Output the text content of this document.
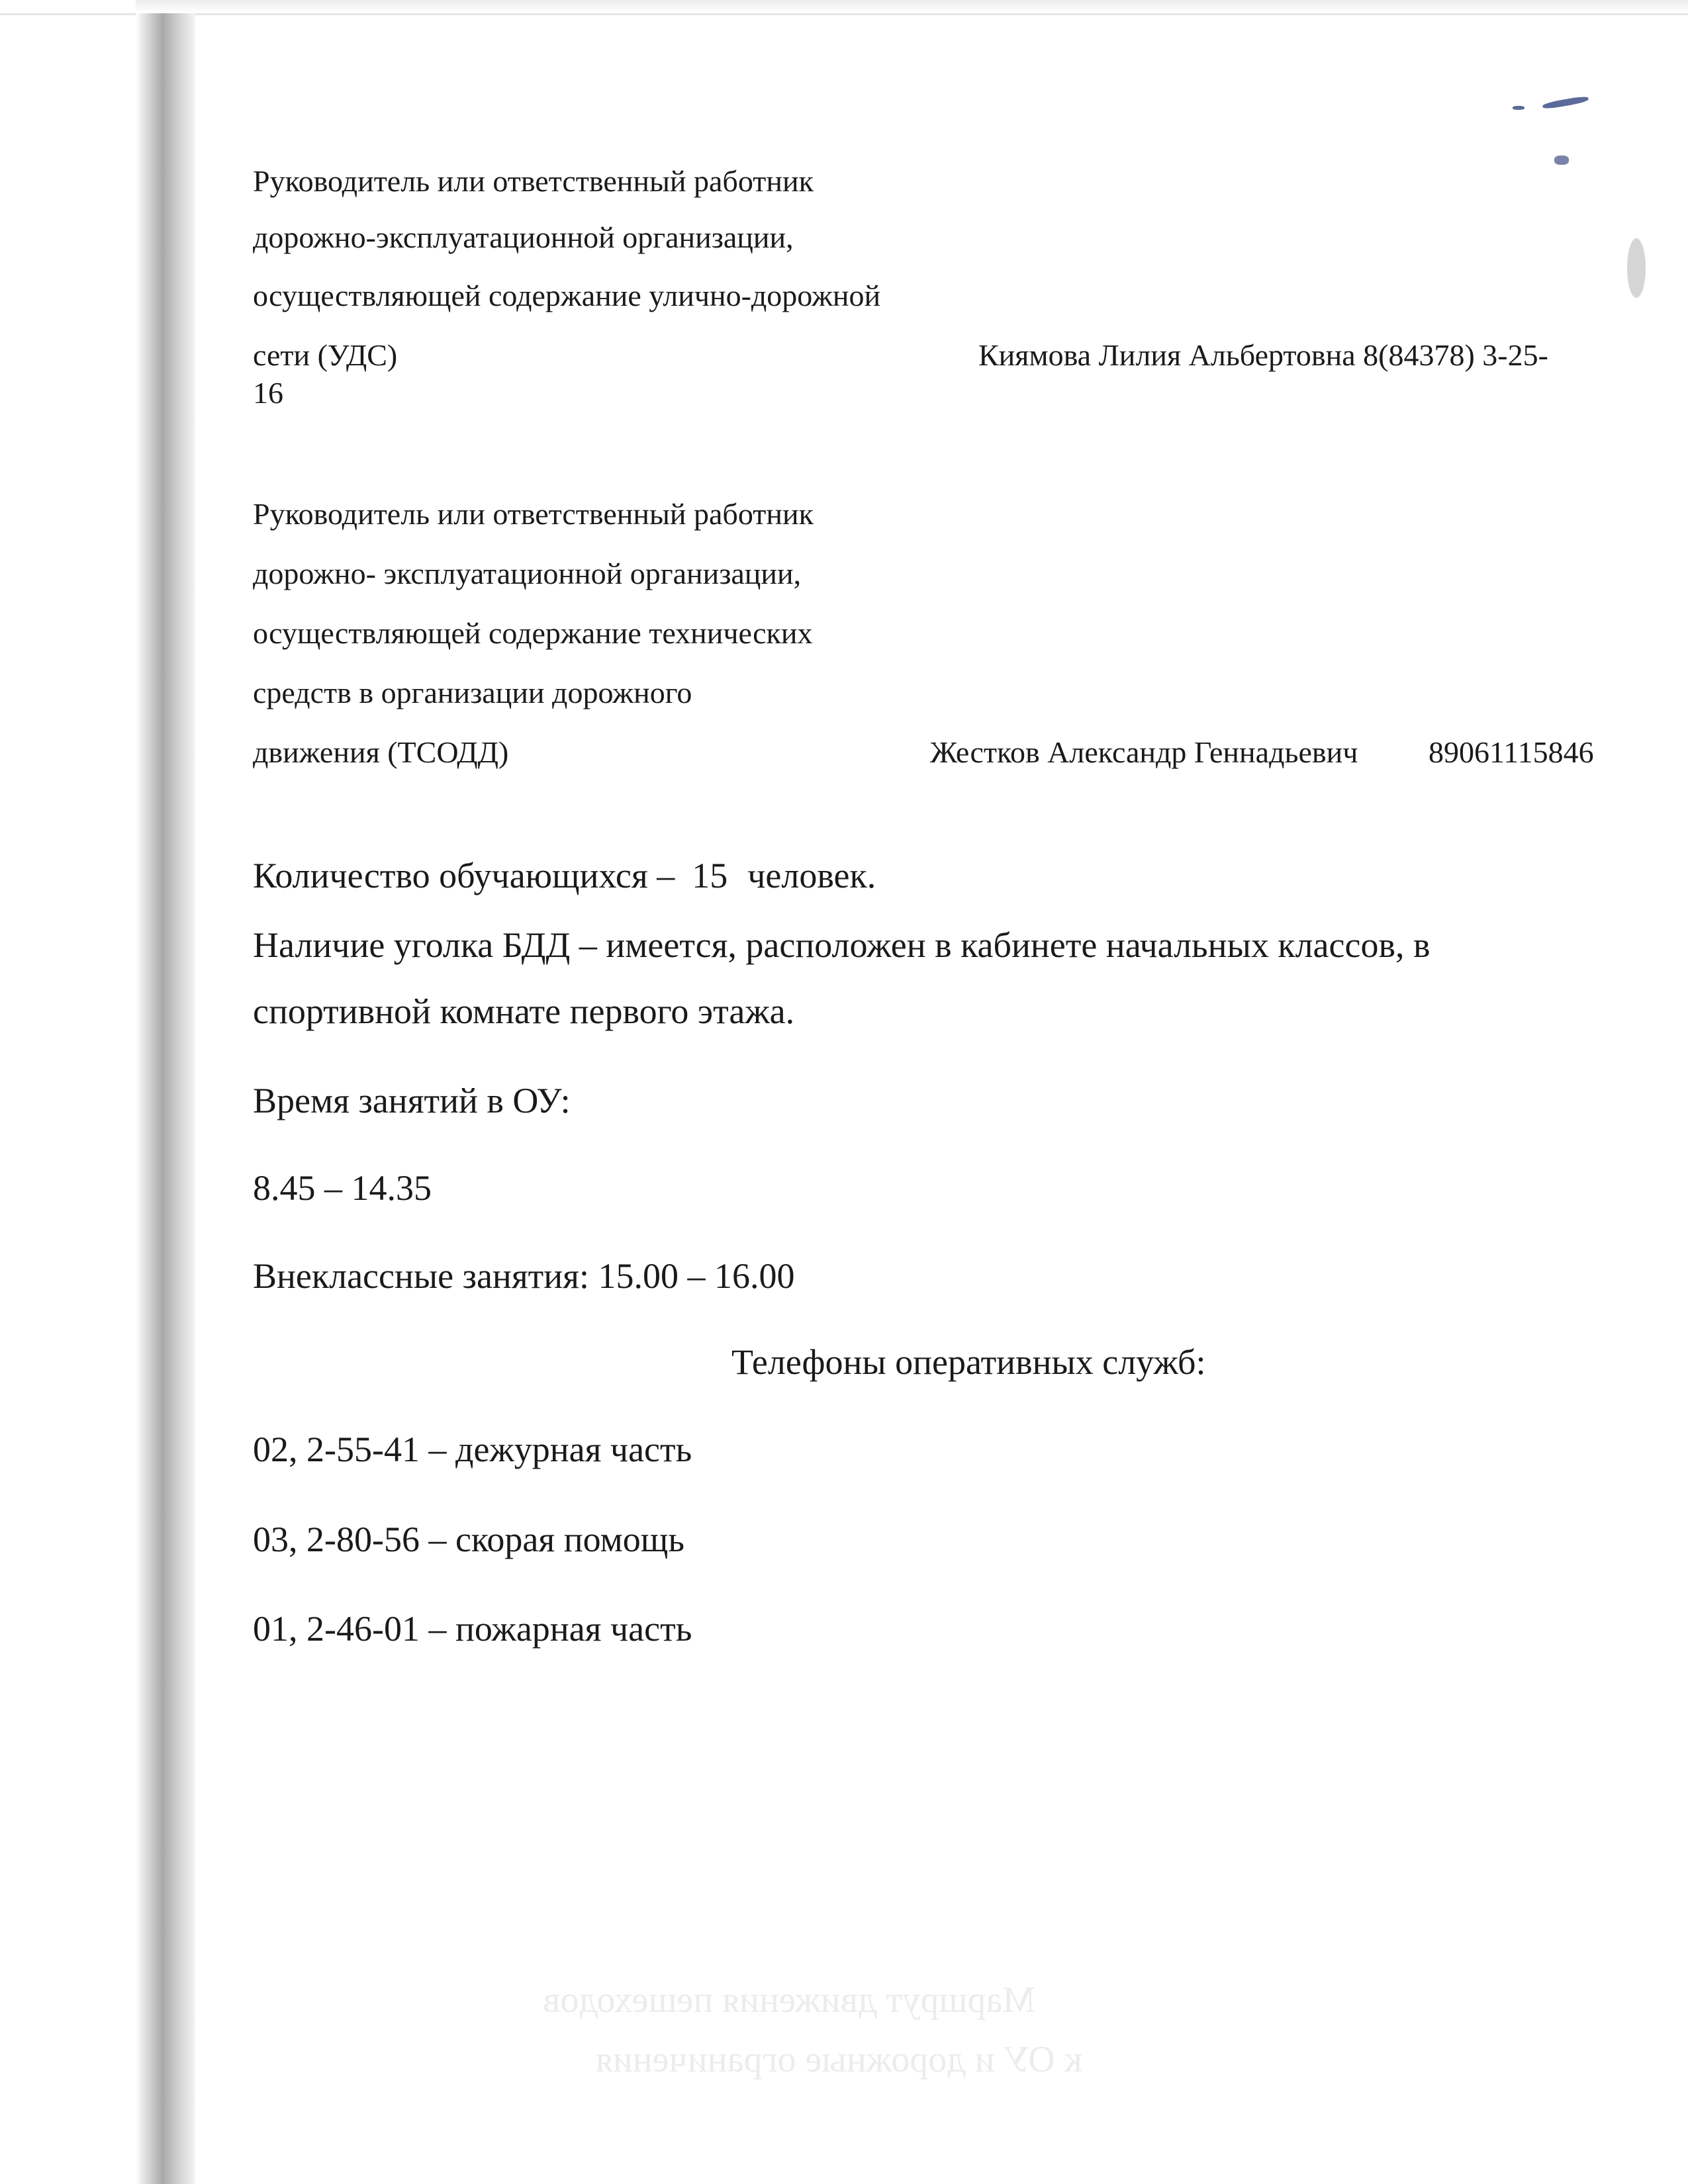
Маршрут движения пешеходов
к ОУ и дорожные ограничения
Руководитель или ответственный работник
дорожно-эксплуатационной организации,
осуществляющей содержание улично-дорожной
сети (УДС)	Киямова Лилия Альбертовна 8(84378) 3-25-
16
Руководитель или ответственный работник
дорожно- эксплуатационной организации,
осуществляющей содержание технических
средств в организации дорожного
движения (ТСОДД)	Жестков Александр Геннадьевич 89061115846
Количество обучающихся – 15 человек.
Наличие уголка БДД – имеется, расположен в кабинете начальных классов, в
спортивной комнате первого этажа.
Время занятий в ОУ:
8.45 – 14.35
Внеклассные занятия: 15.00 – 16.00
Телефоны оперативных служб:
02, 2-55-41 – дежурная часть
03, 2-80-56 – скорая помощь
01, 2-46-01 – пожарная часть
